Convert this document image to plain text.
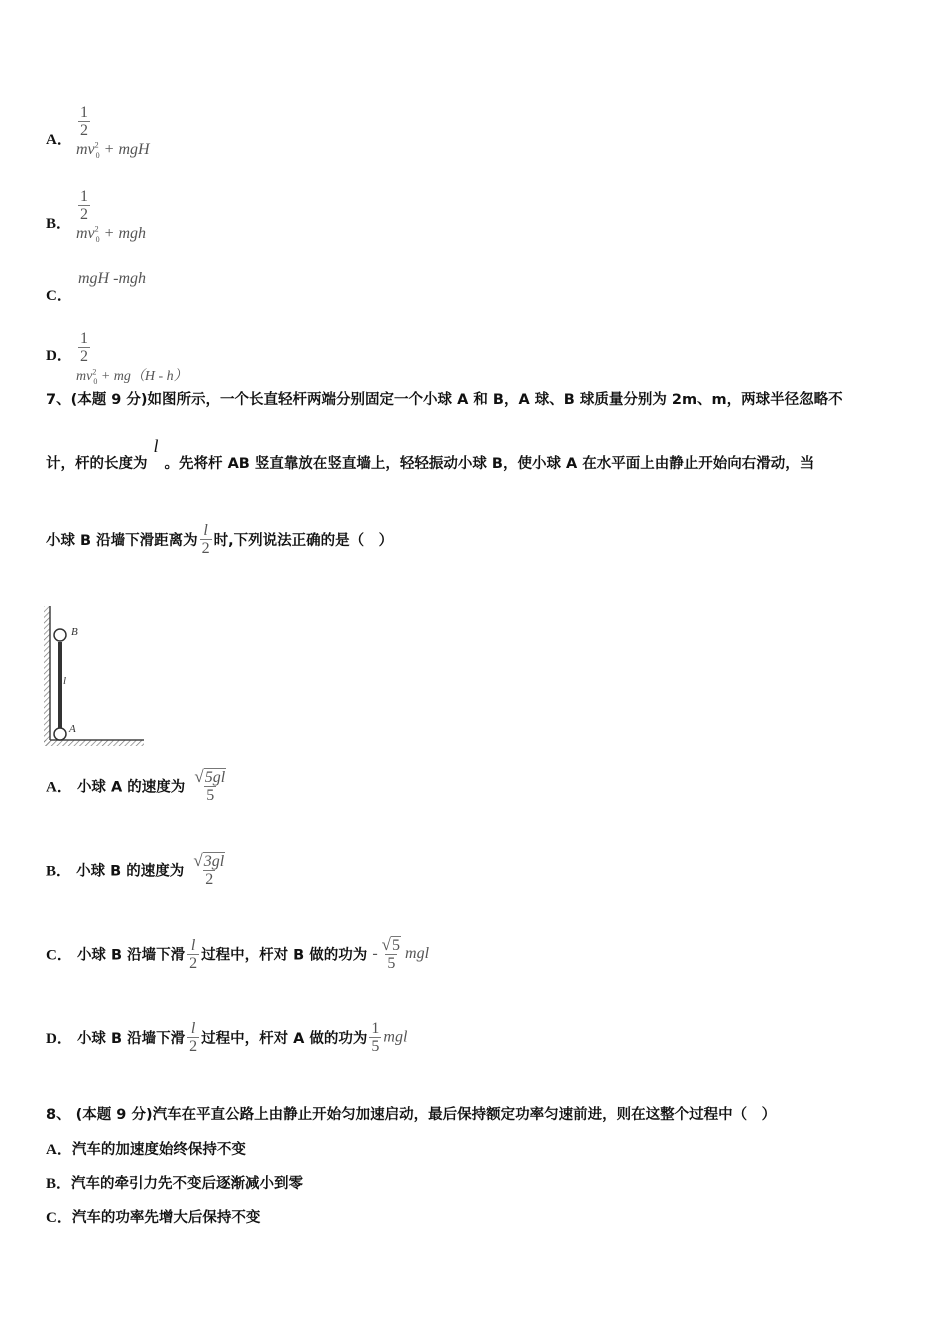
A．
$\frac{1}{2}$
$mv^2_0$ + mgH
B．
$\frac{1}{2}$
$mv^2_0$ + mgh
C．
mgH -mgh
D． $\frac{1}{2}$
$mv^2_0 + mg(H - h)$
7、(本题 9 分)如图所示，一个长直轻杆两端分别固定一个小球 A 和 B，A 球、B 球质量分别为 2m、m，两球半径忽略不
计，杆的长度为l。先将杆 AB 竖直靠放在竖直墙上，轻轻振动小球 B，使小球 A 在水平面上由静止开始向右滑动，当
小球 B 沿墙下滑距离为 $\frac{l}{2}$ 时,下列说法正确的是（　）
B
A
l
A． 小球 A 的速度为 $\frac{√5gl}{5}$
B． 小球 B 的速度为 $\frac{√3gl}{2}$
C． 小球 B 沿墙下滑 $\frac{l}{2}$ 过程中，杆对 B 做的功为 - $\frac{√5}{5}$ mgl
D． 小球 B 沿墙下滑 $\frac{l}{2}$ 过程中，杆对 A 做的功为 $\frac{1}{5}$ mgl
8、 (本题 9 分)汽车在平直公路上由静止开始匀加速启动，最后保持额定功率匀速前进，则在这整个过程中（　）
A．汽车的加速度始终保持不变
B．汽车的牵引力先不变后逐渐减小到零
C．汽车的功率先增大后保持不变
